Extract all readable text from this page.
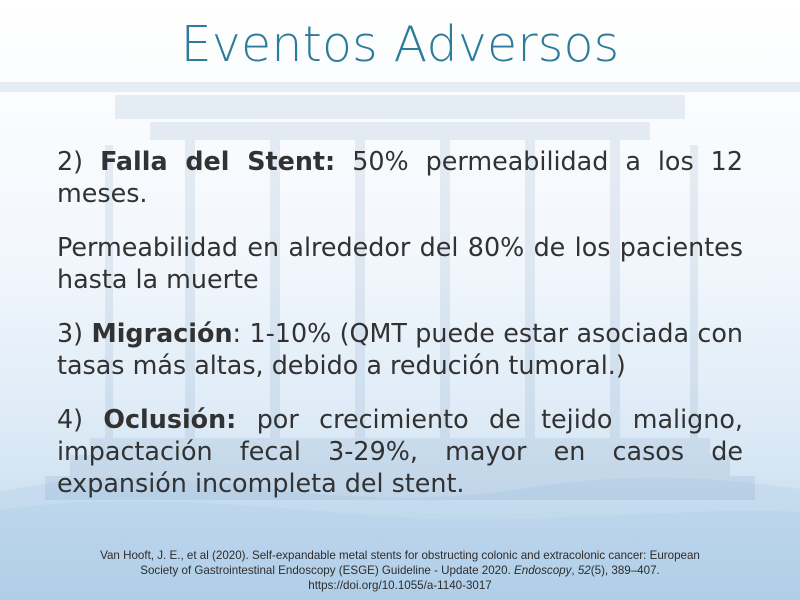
Eventos Adversos

2) Falla del Stent: 50% permeabilidad a los 12 meses.

Permeabilidad en alrededor del 80% de los pacientes hasta la muerte

3) Migración: 1-10% (QMT puede estar asociada con tasas más altas, debido a redución tumoral.)

4) Oclusión: por crecimiento de tejido maligno, impactación fecal 3-29%, mayor en casos de expansión incompleta del stent.

Van Hooft, J. E., et al (2020). Self-expandable metal stents for obstructing colonic and extracolonic cancer: European
Society of Gastrointestinal Endoscopy (ESGE) Guideline - Update 2020. Endoscopy, 52(5), 389–407.
https://doi.org/10.1055/a-1140-3017
